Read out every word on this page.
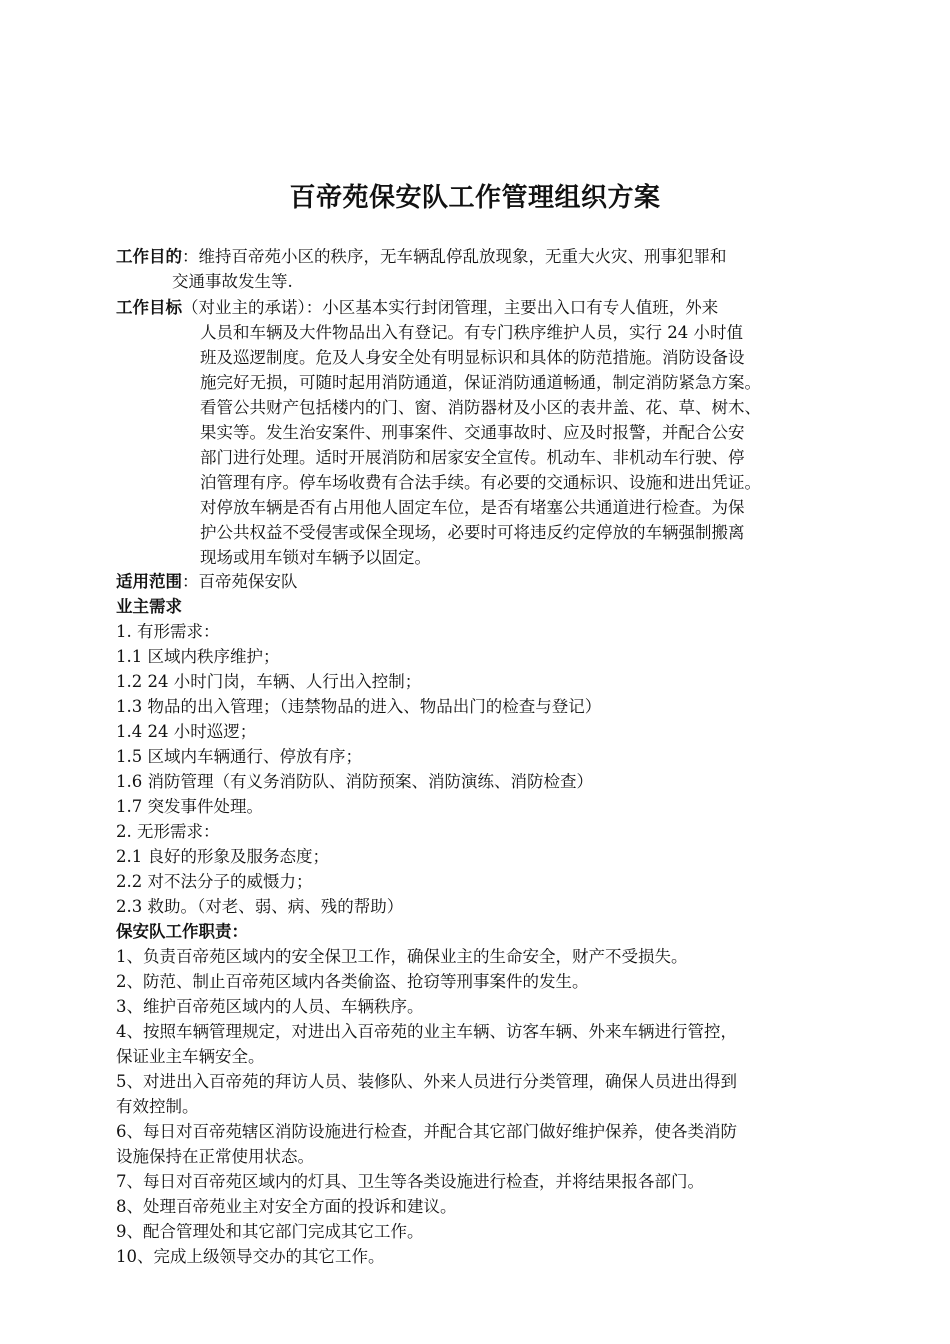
百帝苑保安队工作管理组织方案
工作目的：维持百帝苑小区的秩序，无车辆乱停乱放现象，无重大火灾、刑事犯罪和
交通事故发生等.
工作目标（对业主的承诺）：小区基本实行封闭管理，主要出入口有专人值班，外来
人员和车辆及大件物品出入有登记。有专门秩序维护人员，实行 24 小时值
班及巡逻制度。危及人身安全处有明显标识和具体的防范措施。消防设备设
施完好无损，可随时起用消防通道，保证消防通道畅通，制定消防紧急方案。
看管公共财产包括楼内的门、窗、消防器材及小区的表井盖、花、草、树木、
果实等。发生治安案件、刑事案件、交通事故时、应及时报警，并配合公安
部门进行处理。适时开展消防和居家安全宣传。机动车、非机动车行驶、停
泊管理有序。停车场收费有合法手续。有必要的交通标识、设施和进出凭证。
对停放车辆是否有占用他人固定车位，是否有堵塞公共通道进行检查。为保
护公共权益不受侵害或保全现场，必要时可将违反约定停放的车辆强制搬离
现场或用车锁对车辆予以固定。
适用范围：百帝苑保安队
业主需求
1. 有形需求：
1.1 区域内秩序维护；
1.2 24 小时门岗，车辆、人行出入控制；
1.3 物品的出入管理；（违禁物品的进入、物品出门的检查与登记）
1.4 24 小时巡逻；
1.5 区域内车辆通行、停放有序；
1.6 消防管理（有义务消防队、消防预案、消防演练、消防检查）
1.7 突发事件处理。
2. 无形需求：
2.1 良好的形象及服务态度；
2.2 对不法分子的威慑力；
2.3 救助。（对老、弱、病、残的帮助）
保安队工作职责：
1、负责百帝苑区域内的安全保卫工作，确保业主的生命安全，财产不受损失。
2、防范、制止百帝苑区域内各类偷盗、抢窃等刑事案件的发生。
3、维护百帝苑区域内的人员、车辆秩序。
4、按照车辆管理规定，对进出入百帝苑的业主车辆、访客车辆、外来车辆进行管控，
保证业主车辆安全。
5、对进出入百帝苑的拜访人员、装修队、外来人员进行分类管理，确保人员进出得到
有效控制。
6、每日对百帝苑辖区消防设施进行检查，并配合其它部门做好维护保养，使各类消防
设施保持在正常使用状态。
7、每日对百帝苑区域内的灯具、卫生等各类设施进行检查，并将结果报各部门。
8、处理百帝苑业主对安全方面的投诉和建议。
9、配合管理处和其它部门完成其它工作。
10、完成上级领导交办的其它工作。
